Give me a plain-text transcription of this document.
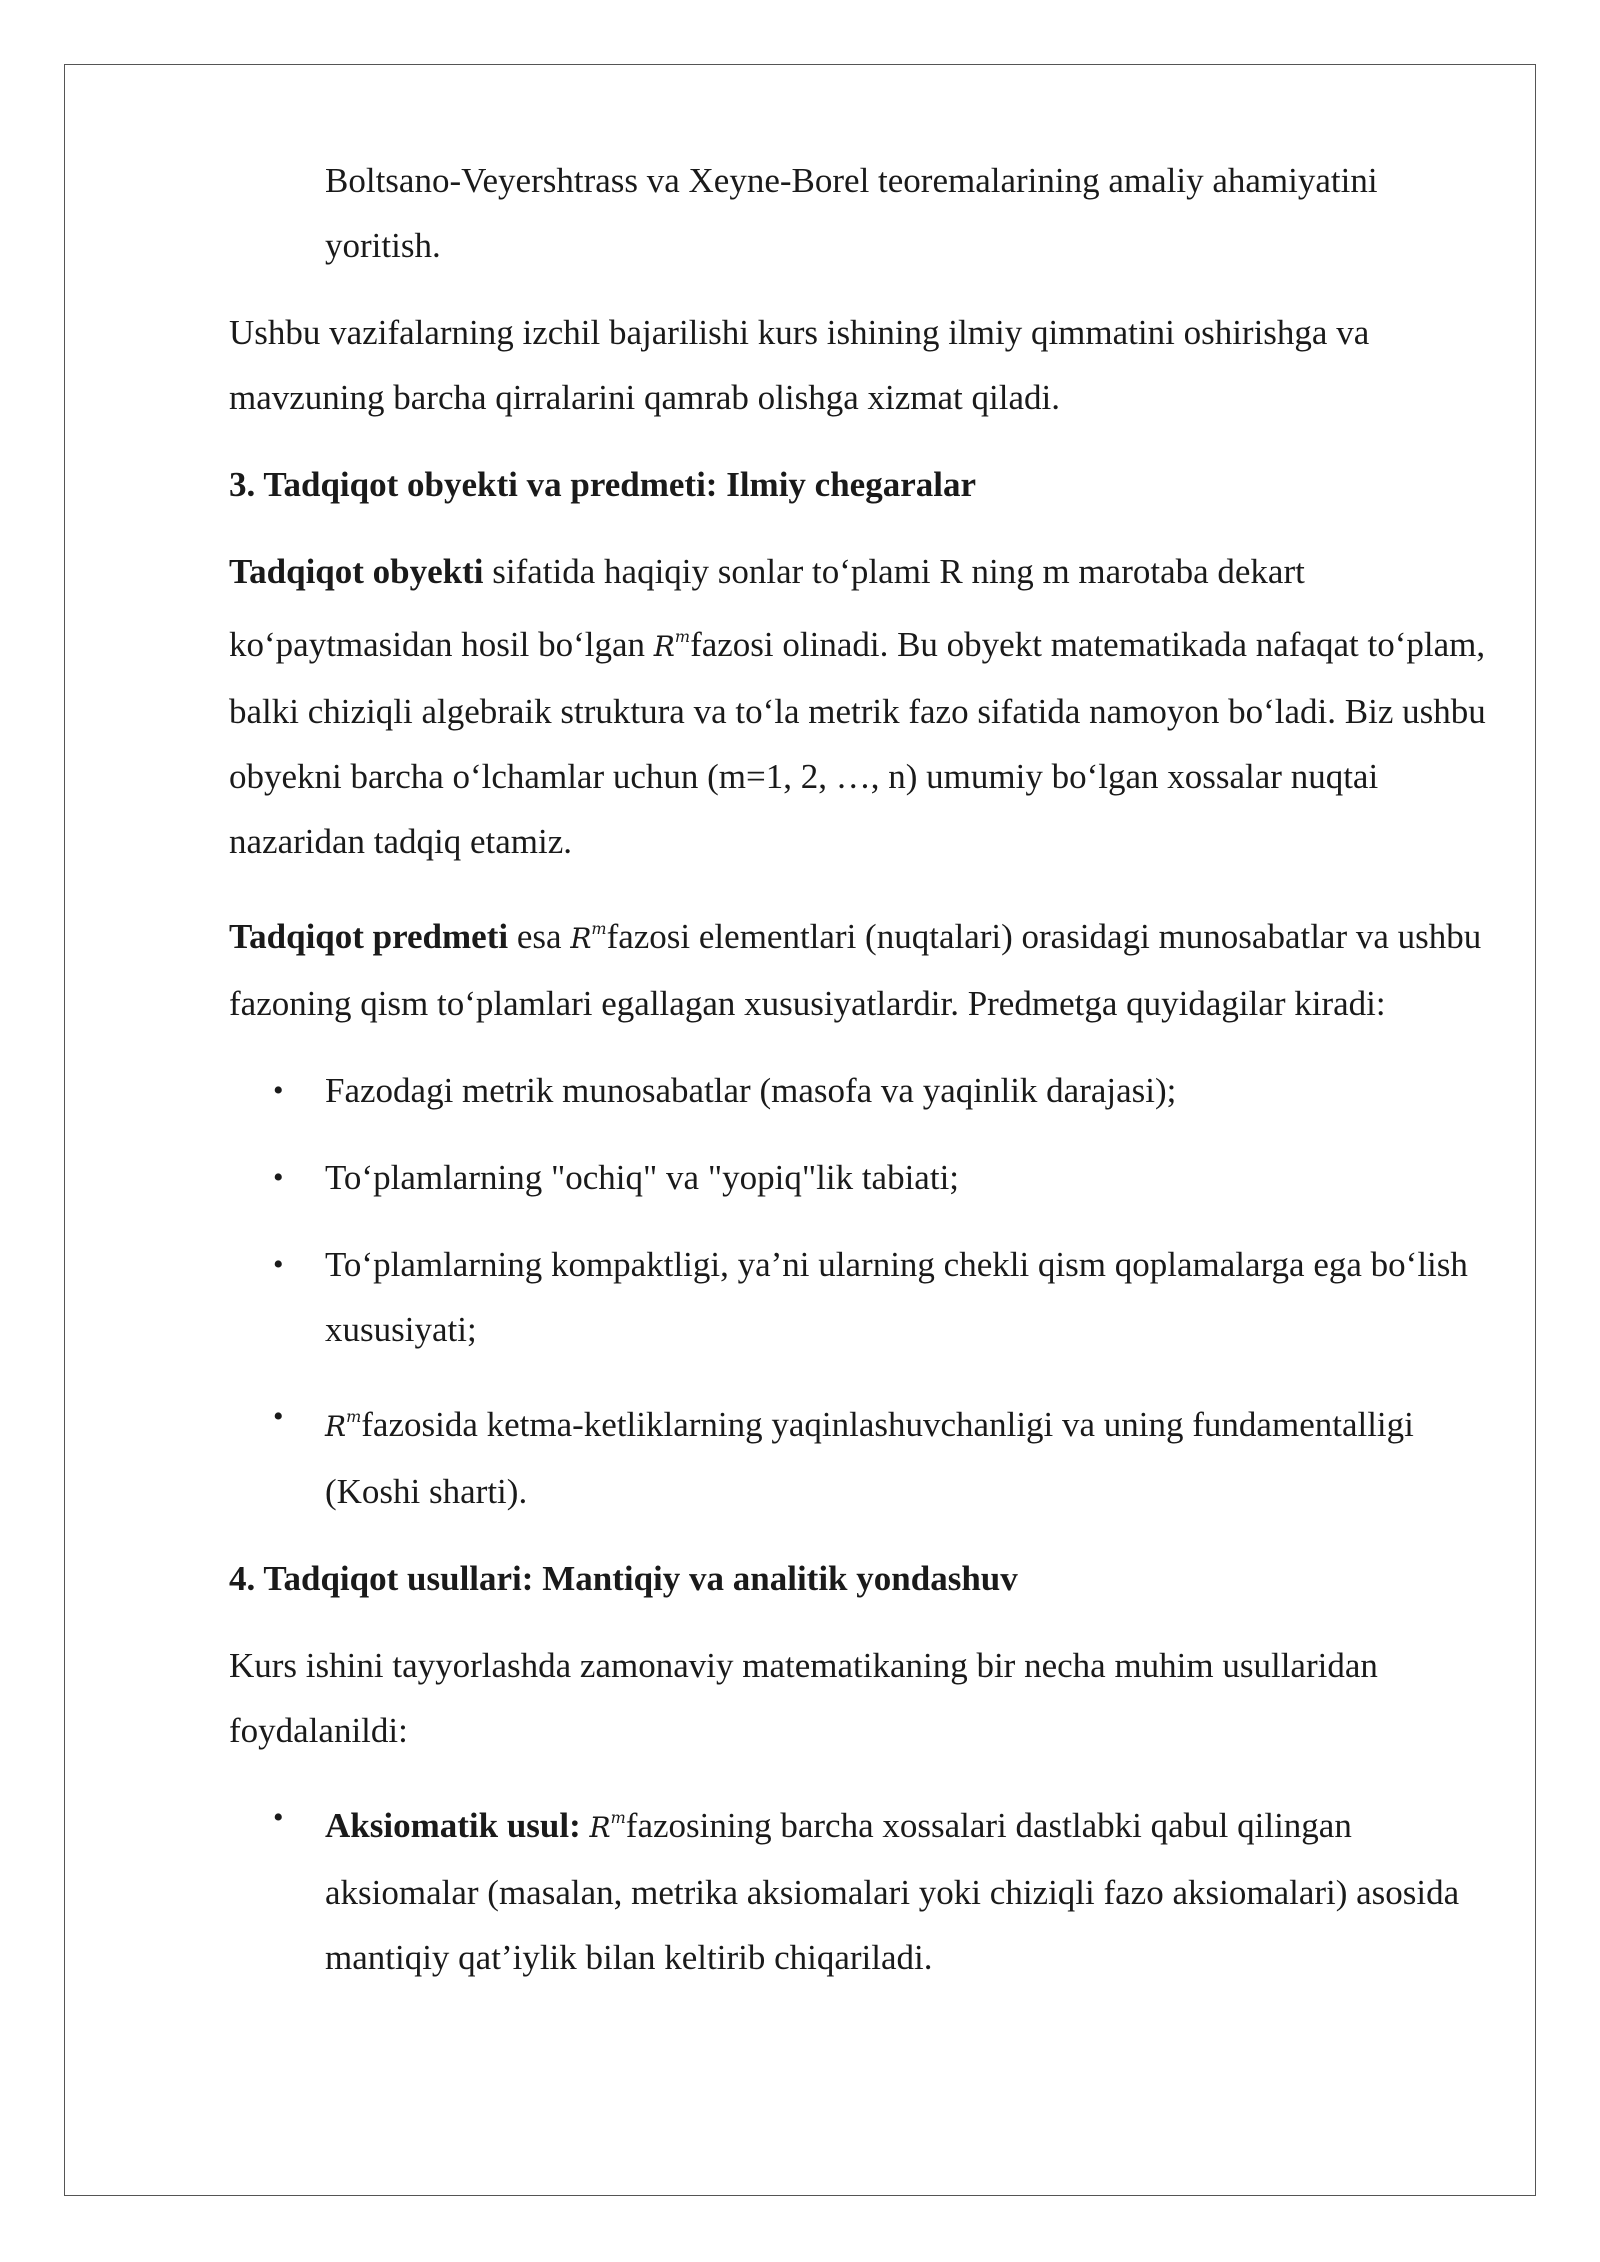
Boltsano-Veyershtrass va Xeyne-Borel teoremalarining amaliy ahamiyatini yoritish.

Ushbu vazifalarning izchil bajarilishi kurs ishining ilmiy qimmatini oshirishga va mavzuning barcha qirralarini qamrab olishga xizmat qiladi.

3. Tadqiqot obyekti va predmeti: Ilmiy chegaralar

Tadqiqot obyekti sifatida haqiqiy sonlar to‘plami R ning m marotaba dekart ko‘paytmasidan hosil bo‘lgan $R^mfazosi$ olinadi. Bu obyekt matematikada nafaqat to‘plam, balki chiziqli algebraik struktura va to‘la metrik fazo sifatida namoyon bo‘ladi. Biz ushbu obyekni barcha o‘lchamlar uchun (m=1, 2, …, n) umumiy bo‘lgan xossalar nuqtai nazaridan tadqiq etamiz.

Tadqiqot predmeti esa $R^mfazosi$ elementlari (nuqtalari) orasidagi munosabatlar va ushbu fazoning qism to‘plamlari egallagan xususiyatlardir. Predmetga quyidagilar kiradi:

• Fazodagi metrik munosabatlar (masofa va yaqinlik darajasi);
• To‘plamlarning "ochiq" va "yopiq"lik tabiati;
• To‘plamlarning kompaktligi, ya’ni ularning chekli qism qoplamalarga ega bo‘lish xususiyati;
• $R^mfazosida$ ketma-ketliklarning yaqinlashuvchanligi va uning fundamentalligi (Koshi sharti).
4. Tadqiqot usullari: Mantiqiy va analitik yondashuv

Kurs ishini tayyorlashda zamonaviy matematikaning bir necha muhim usullaridan foydalanildi:

• Aksiomatik usul: $R^mfazosining$ barcha xossalari dastlabki qabul qilingan aksiomalar (masalan, metrika aksiomalari yoki chiziqli fazo aksiomalari) asosida mantiqiy qat’iylik bilan keltirib chiqariladi.
